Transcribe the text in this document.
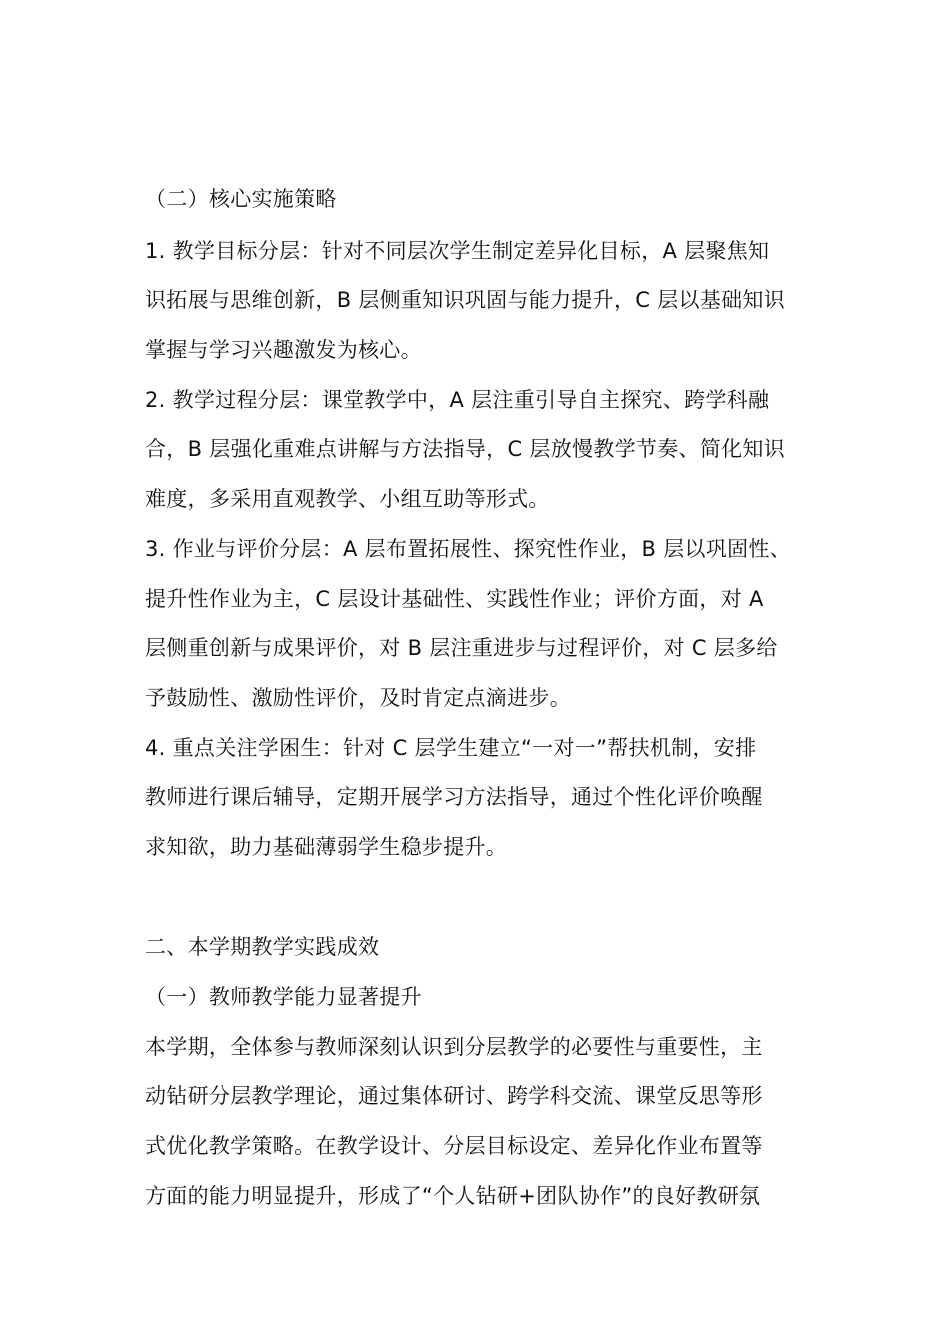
（二）核心实施策略
1. 教学目标分层：针对不同层次学生制定差异化目标，A 层聚焦知
识拓展与思维创新，B 层侧重知识巩固与能力提升，C 层以基础知识
掌握与学习兴趣激发为核心。
2. 教学过程分层：课堂教学中，A 层注重引导自主探究、跨学科融
合，B 层强化重难点讲解与方法指导，C 层放慢教学节奏、简化知识
难度，多采用直观教学、小组互助等形式。
3. 作业与评价分层：A 层布置拓展性、探究性作业，B 层以巩固性、
提升性作业为主，C 层设计基础性、实践性作业；评价方面，对 A
层侧重创新与成果评价，对 B 层注重进步与过程评价，对 C 层多给
予鼓励性、激励性评价，及时肯定点滴进步。
4. 重点关注学困生：针对 C 层学生建立“一对一”帮扶机制，安排
教师进行课后辅导，定期开展学习方法指导，通过个性化评价唤醒
求知欲，助力基础薄弱学生稳步提升。
二、本学期教学实践成效
（一）教师教学能力显著提升
本学期，全体参与教师深刻认识到分层教学的必要性与重要性，主
动钻研分层教学理论，通过集体研讨、跨学科交流、课堂反思等形
式优化教学策略。在教学设计、分层目标设定、差异化作业布置等
方面的能力明显提升，形成了“个人钻研+团队协作”的良好教研氛
